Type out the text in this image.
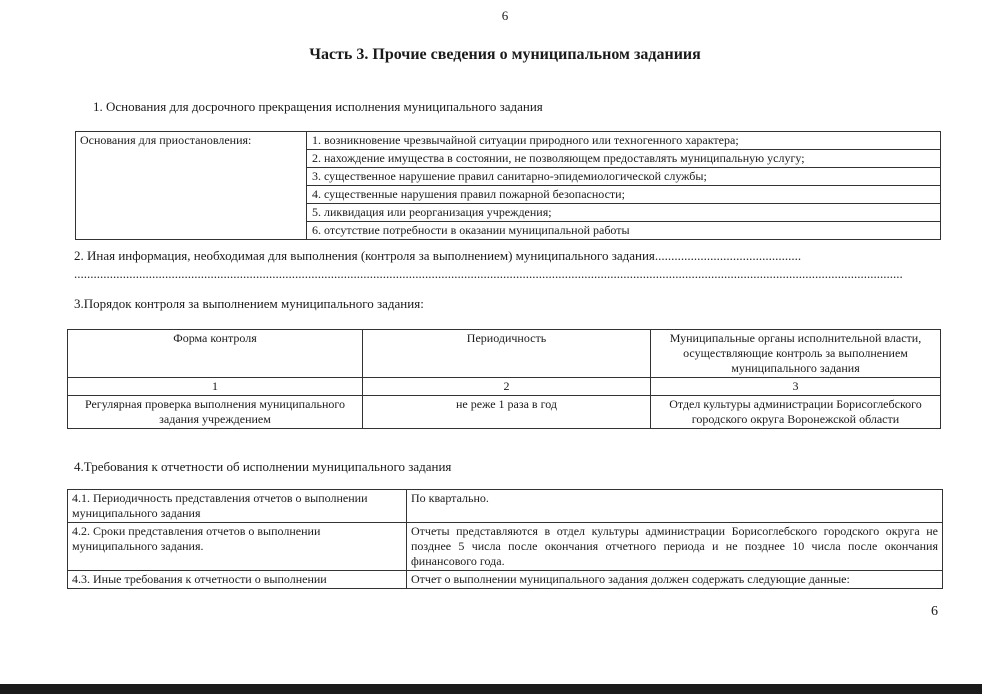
6
Часть 3. Прочие сведения о муниципальном заданиия
1. Основания для досрочного прекращения исполнения муниципального задания
Основания для приостановления:	1. возникновение чрезвычайной ситуации природного или техногенного характера;
2. нахождение имущества в состоянии, не позволяющем предоставлять муниципальную услугу;
3. существенное нарушение правил санитарно-эпидемиологической службы;
4. существенные нарушения правил пожарной безопасности;
5. ликвидация или реорганизация учреждения;
6. отсутствие потребности в оказании муниципальной работы
2. Иная информация, необходимая для выполнения (контроля за выполнением) муниципального задания.............................................
...............................................................................................................................................................................................................................................................
3.Порядок контроля за выполнением муниципального задания:
Форма контроля	Периодичность	Муниципальные органы исполнительной власти, осуществляющие контроль за выполнением муниципального задания
1	2	3
Регулярная проверка выполнения муниципального задания учреждением	не реже 1 раза в год	Отдел культуры администрации Борисоглебского городского округа Воронежской области
4.Требования к отчетности об исполнении муниципального задания
4.1. Периодичность представления отчетов о выполнении муниципального задания	По квартально.
4.2. Сроки представления отчетов о выполнении муниципального задания.	Отчеты представляются в отдел культуры администрации Борисоглебского городского округа не позднее 5 числа после окончания отчетного периода и не позднее 10 числа после окончания финансового года.
4.3. Иные требования к отчетности о выполнении	Отчет о выполнении муниципального задания должен содержать следующие данные:
6
